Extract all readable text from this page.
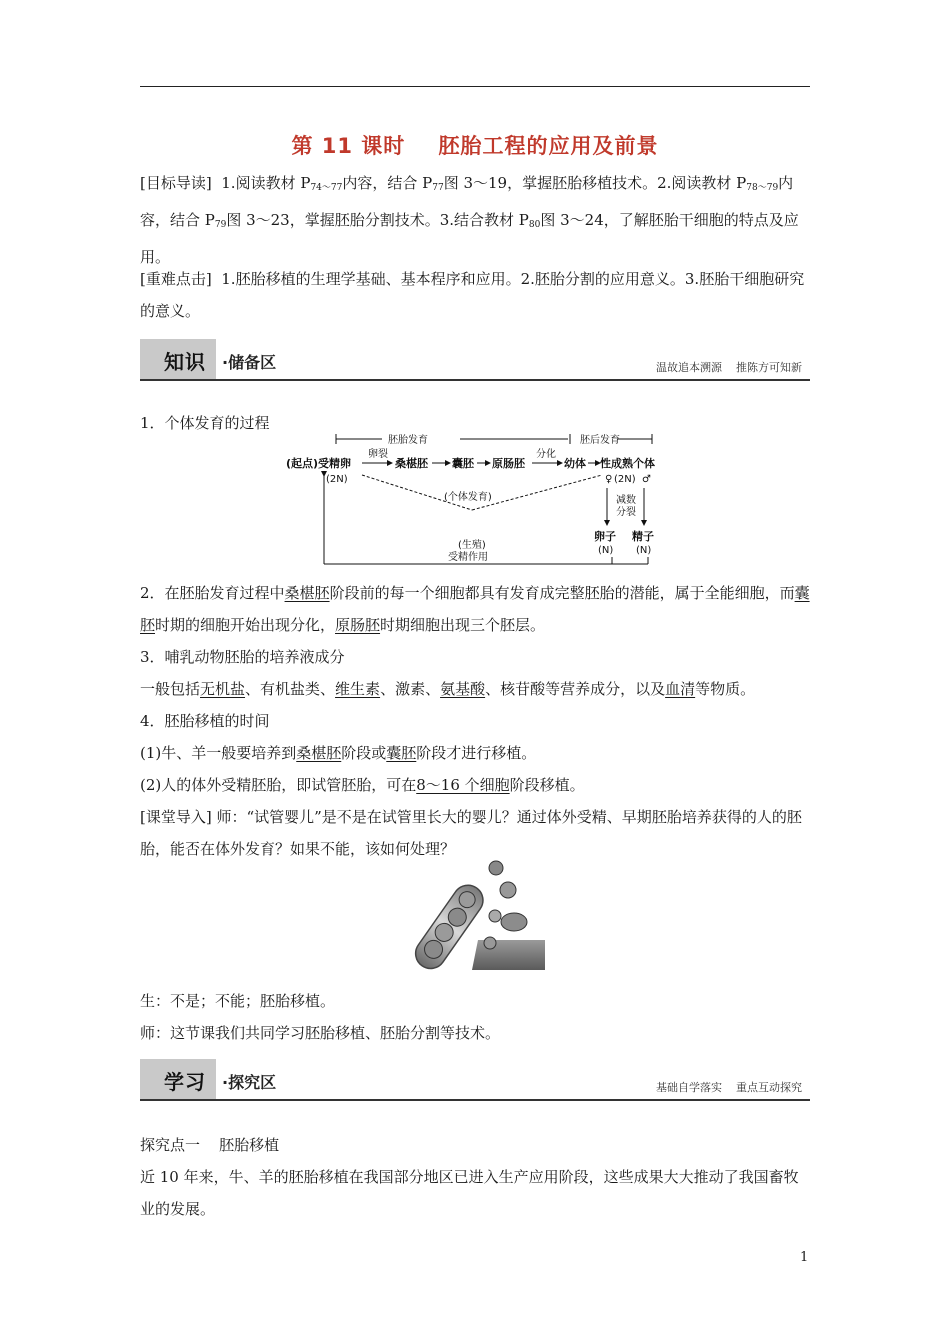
第 11 课时    胚胎工程的应用及前景
[目标导读] 1.阅读教材 $P_{74\sim 77}$内容，结合 $P_{77}$图 3～19，掌握胚胎移植技术。2.阅读教材 $P_{78\sim 79}$内容，结合 $P_{79}$图 3～23，掌握胚胎分割技术。3.结合教材 $P_{80}$图 3～24，了解胚胎干细胞的特点及应用。
[重难点击] 1.胚胎移植的生理学基础、基本程序和应用。2.胚胎分割的应用意义。3.胚胎干细胞研究的意义。
知识 ·储备区	温故追本溯源    推陈方可知新
1．个体发育的过程
胚胎发育	胚后发育
(起点)受精卵
卵裂
桑椹胚 囊胚 原肠胚
分化
幼体 性成熟个体
(2N)	♀ (2N) ♂
(个体发育)	减数
分裂
卵子
(N)
精子
(N)
(生殖)
受精作用
2．在胚胎发育过程中桑椹胚阶段前的每一个细胞都具有发育成完整胚胎的潜能，属于全能细胞，而囊胚时期的细胞开始出现分化，原肠胚时期细胞出现三个胚层。
3．哺乳动物胚胎的培养液成分
一般包括无机盐、有机盐类、维生素、激素、氨基酸、核苷酸等营养成分，以及血清等物质。
4．胚胎移植的时间
(1)牛、羊一般要培养到桑椹胚阶段或囊胚阶段才进行移植。
(2)人的体外受精胚胎，即试管胚胎，可在8～16 个细胞阶段移植。
[课堂导入] 师：“试管婴儿”是不是在试管里长大的婴儿？通过体外受精、早期胚胎培养获得的人的胚胎，能否在体外发育？如果不能，该如何处理？
生：不是；不能；胚胎移植。
师：这节课我们共同学习胚胎移植、胚胎分割等技术。
学习 ·探究区	基础自学落实    重点互动探究
探究点一    胚胎移植
近 10 年来，牛、羊的胚胎移植在我国部分地区已进入生产应用阶段，这些成果大大推动了我国畜牧业的发展。
1
